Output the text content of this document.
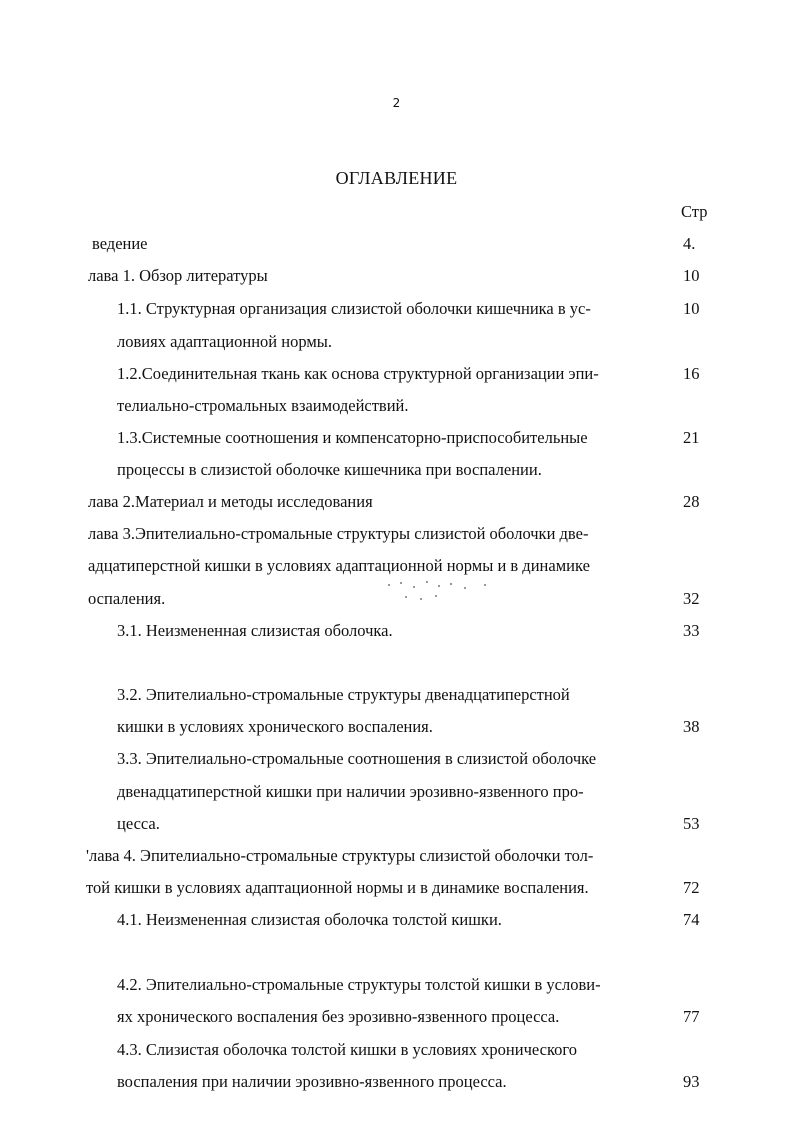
2
ОГЛАВЛЕНИЕ
Стр
ведение	4.
лава 1. Обзор литературы	10
1.1. Структурная организация слизистой оболочки кишечника в ус-	10
ловиях адаптационной нормы.
1.2.Соединительная ткань как основа структурной организации эпи-	16
телиально-стромальных взаимодействий.
1.3.Системные соотношения и компенсаторно-приспособительные	21
процессы в слизистой оболочке кишечника при воспалении.
лава 2.Материал и методы исследования	28
лава 3.Эпителиально-стромальные структуры слизистой оболочки две-
адцатиперстной кишки в условиях адаптационной нормы и в динамике
оспаления.	32
3.1. Неизмененная слизистая оболочка.	33
3.2. Эпителиально-стромальные структуры двенадцатиперстной
кишки в условиях хронического воспаления.	38
3.3. Эпителиально-стромальные соотношения в слизистой оболочке
двенадцатиперстной кишки при наличии эрозивно-язвенного про-
цесса.	53
'лава 4. Эпителиально-стромальные структуры слизистой оболочки тол-
той кишки в условиях адаптационной нормы и в динамике воспаления.	72
4.1. Неизмененная слизистая оболочка толстой кишки.	74
4.2. Эпителиально-стромальные структуры толстой кишки в услови-
ях хронического воспаления без эрозивно-язвенного процесса.	77
4.3. Слизистая оболочка толстой кишки в условиях хронического
воспаления при наличии эрозивно-язвенного процесса.	93
